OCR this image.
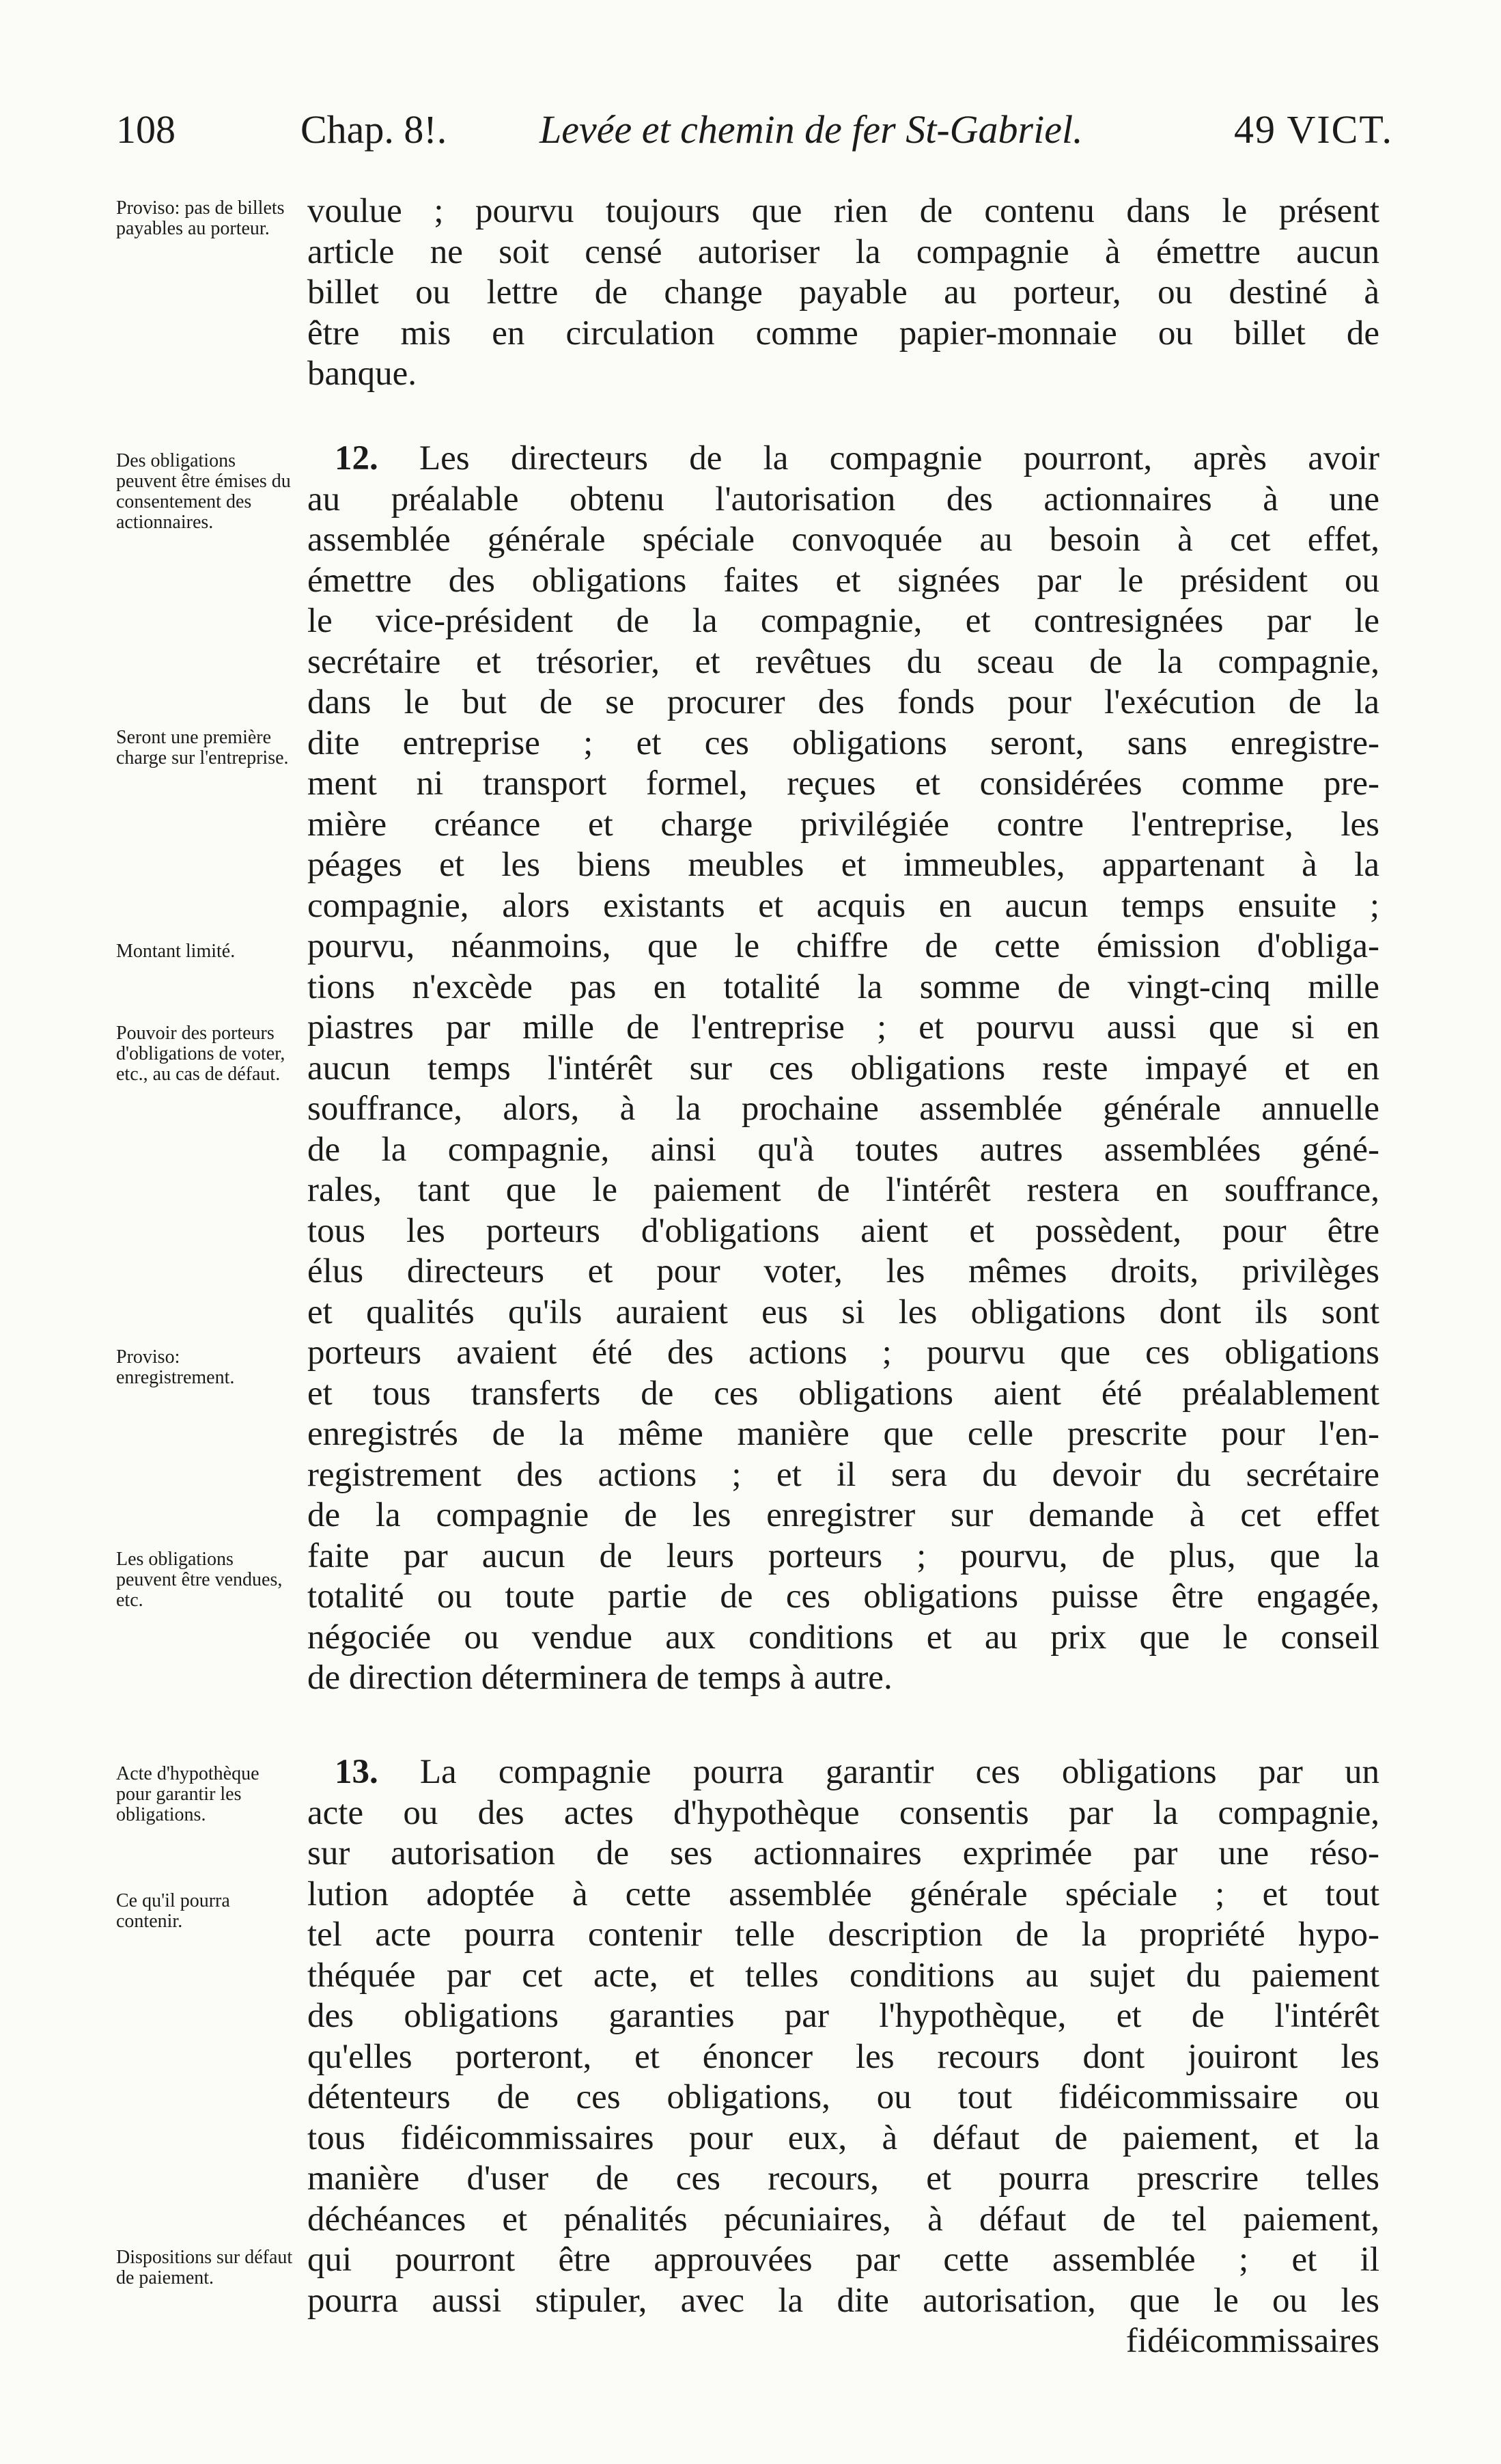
108	Chap. 8ǃ. Levée et chemin de fer St-Gabriel.	49 VICT.
Proviso: pas de billets payables au porteur.
Des obligations peuvent être émises du consentement des actionnaires.
Seront une première charge sur l'entreprise.
Montant limité.
Pouvoir des porteurs d'obligations de voter, etc., au cas de défaut.
Proviso: enregistrement.
Les obligations peuvent être vendues, etc.
Acte d'hypothèque pour garantir les obligations.
Ce qu'il pourra contenir.
Dispositions sur défaut de paiement.
voulue ; pourvu toujours que rien de contenu dans le présent
article ne soit censé autoriser la compagnie à émettre aucun
billet ou lettre de change payable au porteur, ou destiné à
être mis en circulation comme papier-monnaie ou billet de
banque.
12. Les directeurs de la compagnie pourront, après avoir
au préalable obtenu l'autorisation des actionnaires à une
assemblée générale spéciale convoquée au besoin à cet effet,
émettre des obligations faites et signées par le président ou
le vice-président de la compagnie, et contresignées par le
secrétaire et trésorier, et revêtues du sceau de la compagnie,
dans le but de se procurer des fonds pour l'exécution de la
dite entreprise ; et ces obligations seront, sans enregistre-
ment ni transport formel, reçues et considérées comme pre-
mière créance et charge privilégiée contre l'entreprise, les
péages et les biens meubles et immeubles, appartenant à la
compagnie, alors existants et acquis en aucun temps ensuite ;
pourvu, néanmoins, que le chiffre de cette émission d'obliga-
tions n'excède pas en totalité la somme de vingt-cinq mille
piastres par mille de l'entreprise ; et pourvu aussi que si en
aucun temps l'intérêt sur ces obligations reste impayé et en
souffrance, alors, à la prochaine assemblée générale annuelle
de la compagnie, ainsi qu'à toutes autres assemblées géné-
rales, tant que le paiement de l'intérêt restera en souffrance,
tous les porteurs d'obligations aient et possèdent, pour être
élus directeurs et pour voter, les mêmes droits, privilèges
et qualités qu'ils auraient eus si les obligations dont ils sont
porteurs avaient été des actions ; pourvu que ces obligations
et tous transferts de ces obligations aient été préalablement
enregistrés de la même manière que celle prescrite pour l'en-
registrement des actions ; et il sera du devoir du secrétaire
de la compagnie de les enregistrer sur demande à cet effet
faite par aucun de leurs porteurs ; pourvu, de plus, que la
totalité ou toute partie de ces obligations puisse être engagée,
négociée ou vendue aux conditions et au prix que le conseil
de direction déterminera de temps à autre.
13. La compagnie pourra garantir ces obligations par un
acte ou des actes d'hypothèque consentis par la compagnie,
sur autorisation de ses actionnaires exprimée par une réso-
lution adoptée à cette assemblée générale spéciale ; et tout
tel acte pourra contenir telle description de la propriété hypo-
théquée par cet acte, et telles conditions au sujet du paiement
des obligations garanties par l'hypothèque, et de l'intérêt
qu'elles porteront, et énoncer les recours dont jouiront les
détenteurs de ces obligations, ou tout fidéicommissaire ou
tous fidéicommissaires pour eux, à défaut de paiement, et la
manière d'user de ces recours, et pourra prescrire telles
déchéances et pénalités pécuniaires, à défaut de tel paiement,
qui pourront être approuvées par cette assemblée ; et il
pourra aussi stipuler, avec la dite autorisation, que le ou les
fidéicommissaires
